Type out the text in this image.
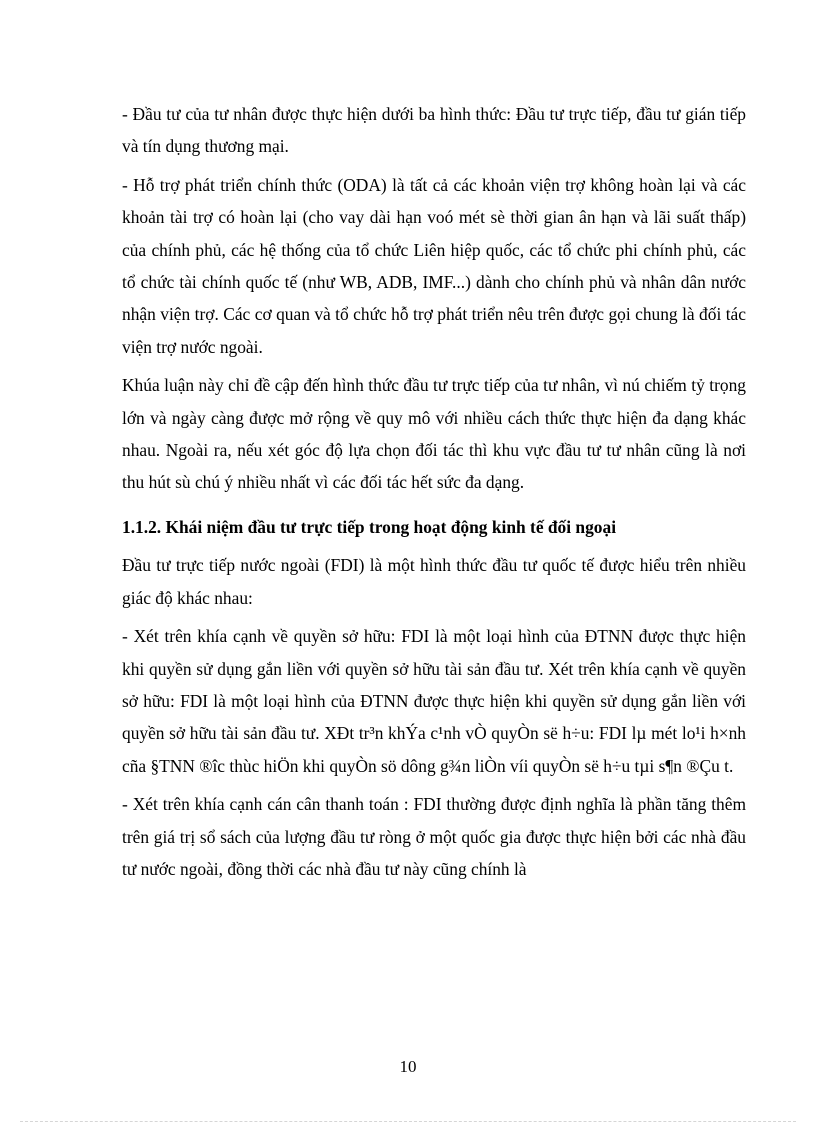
- Đầu tư của tư nhân được thực hiện dưới ba hình thức: Đầu tư trực tiếp, đầu tư gián tiếp và tín dụng thương mại.

- Hỗ trợ phát triển chính thức (ODA) là tất cả các khoản viện trợ không hoàn lại và các khoản tài trợ có hoàn lại (cho vay dài hạn voó mét sè thời gian ân hạn và lãi suất thấp) của chính phủ, các hệ thống của tổ chức Liên hiệp quốc, các tổ chức phi chính phủ, các tổ chức tài chính quốc tế (như WB, ADB, IMF...) dành cho chính phủ và nhân dân nước nhận viện trợ. Các cơ quan và tổ chức hỗ trợ phát triển nêu trên được gọi chung là đối tác viện trợ nước ngoài.

Khúa luận này chỉ đề cập đến hình thức đầu tư trực tiếp của tư nhân, vì nú chiếm tỷ trọng lớn và ngày càng được mở rộng về quy mô với nhiều cách thức thực hiện đa dạng khác nhau. Ngoài ra, nếu xét góc độ lựa chọn đối tác thì khu vực đầu tư tư nhân cũng là nơi thu hút sù chú ý nhiều nhất vì các đối tác hết sức đa dạng.

1.1.2. Khái niệm đầu tư trực tiếp trong hoạt động kinh tế đối ngoại

Đầu tư trực tiếp nước ngoài (FDI) là một hình thức đầu tư quốc tế được hiểu trên nhiều giác độ khác nhau:

- Xét trên khía cạnh về quyền sở hữu: FDI là một loại hình của ĐTNN được thực hiện khi quyền sử dụng gắn liền với quyền sở hữu tài sản đầu tư. Xét trên khía cạnh về quyền sở hữu: FDI là một loại hình của ĐTNN được thực hiện khi quyền sử dụng gắn liền với quyền sở hữu tài sản đầu tư. XÐt tr³n khÝa c¹nh vÒ quyÒn së h÷u: FDI lµ mét lo¹i h×nh cña §TNN ®îc thùc hiÖn khi quyÒn sö dông g¾n liÒn víi quyÒn së h÷u tµi s¶n ®Çu t.

- Xét trên khía cạnh cán cân thanh toán : FDI thường được định nghĩa là phần tăng thêm trên giá trị sổ sách của lượng đầu tư ròng ở một quốc gia được thực hiện bởi các nhà đầu tư nước ngoài, đồng thời các nhà đầu tư này cũng chính là

10
